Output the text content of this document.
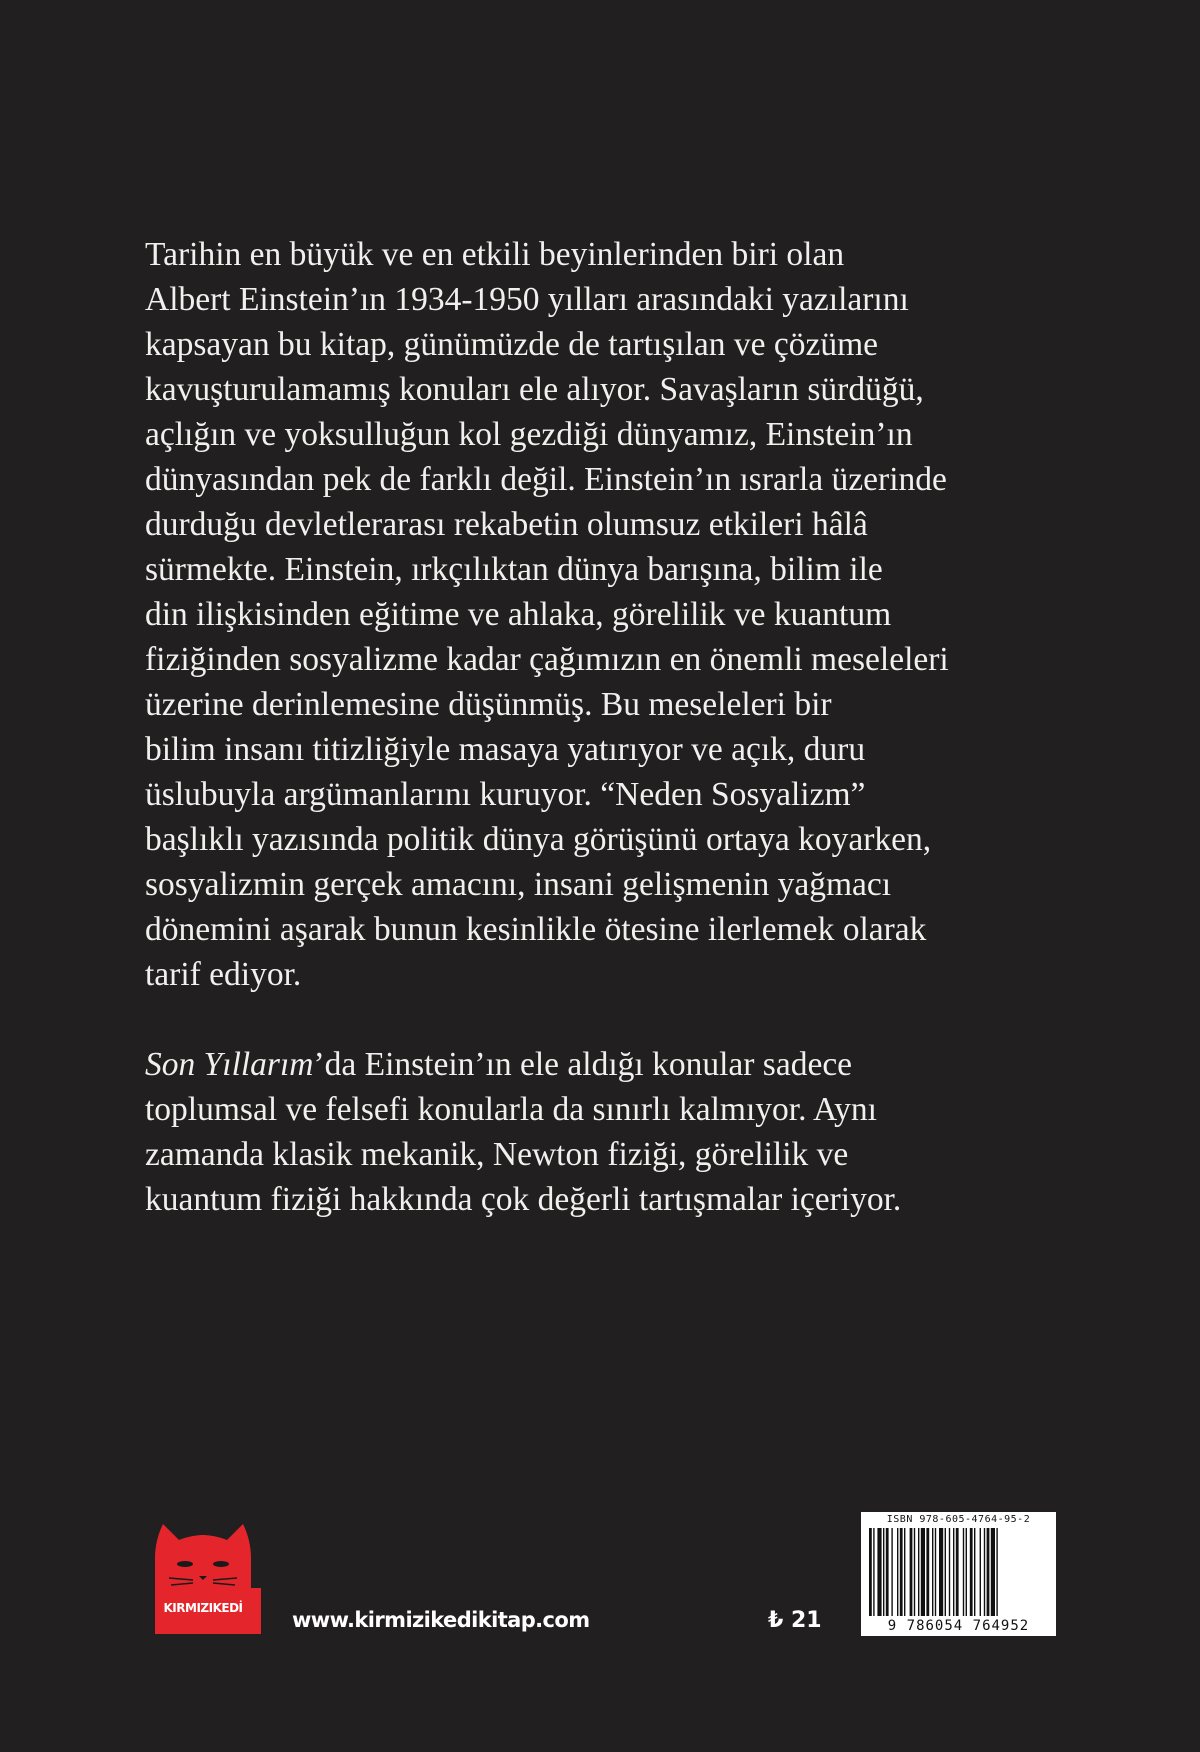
Tarihin en büyük ve en etkili beyinlerinden biri olan
Albert Einstein’ın 1934-1950 yılları arasındaki yazılarını
kapsayan bu kitap, günümüzde de tartışılan ve çözüme
kavuşturulamamış konuları ele alıyor. Savaşların sürdüğü,
açlığın ve yoksulluğun kol gezdiği dünyamız, Einstein’ın
dünyasından pek de farklı değil. Einstein’ın ısrarla üzerinde
durduğu devletlerarası rekabetin olumsuz etkileri hâlâ
sürmekte. Einstein, ırkçılıktan dünya barışına, bilim ile
din ilişkisinden eğitime ve ahlaka, görelilik ve kuantum
fiziğinden sosyalizme kadar çağımızın en önemli meseleleri
üzerine derinlemesine düşünmüş. Bu meseleleri bir
bilim insanı titizliğiyle masaya yatırıyor ve açık, duru
üslubuyla argümanlarını kuruyor. “Neden Sosyalizm”
başlıklı yazısında politik dünya görüşünü ortaya koyarken,
sosyalizmin gerçek amacını, insani gelişmenin yağmacı
dönemini aşarak bunun kesinlikle ötesine ilerlemek olarak
tarif ediyor.

Son Yıllarım’da Einstein’ın ele aldığı konular sadece
toplumsal ve felsefi konularla da sınırlı kalmıyor. Aynı
zamanda klasik mekanik, Newton fiziği, görelilik ve
kuantum fiziği hakkında çok değerli tartışmalar içeriyor.

KIRMIZIKEDİ www.kirmizikedikitap.com	₺ 21
ISBN 978-605-4764-95-2
9 786054 764952
